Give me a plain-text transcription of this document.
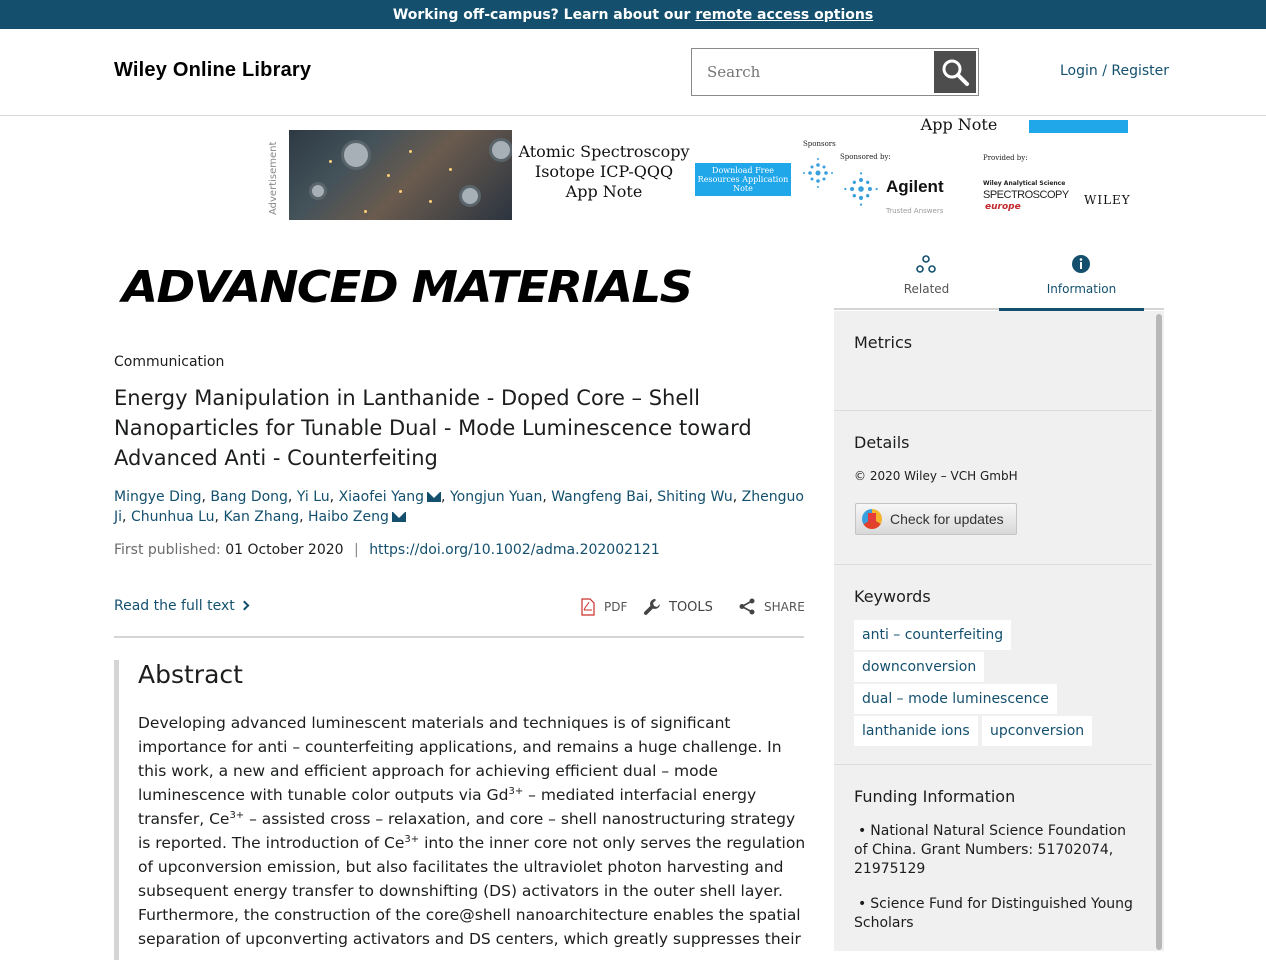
Working off-campus? Learn about our remote access options
Wiley Online Library
Search	Login / Register
Advertisement
App Note
Atomic Spectroscopy
Isotope ICP-QQQ
App Note
Download Free Resources Application Note
Sponsors
Sponsored by:
Agilent
Trusted Answers
Provided by:
Wiley Analytical Science
SPECTROSCOPY
europe	WILEY
ADVANCED MATERIALS
Communication
Energy Manipulation in Lanthanide ‐ Doped Core – Shell Nanoparticles for Tunable Dual ‐ Mode Luminescence toward Advanced Anti ‐ Counterfeiting
Mingye Ding, Bang Dong, Yi Lu, Xiaofei Yang , Yongjun Yuan, Wangfeng Bai, Shiting Wu, Zhenguo Ji, Chunhua Lu, Kan Zhang, Haibo Zeng
First published: 01 October 2020 | https://doi.org/10.1002/adma.202002121
Read the full text	PDF	TOOLS	SHARE
Abstract

Developing advanced luminescent materials and techniques is of significant importance for anti – counterfeiting applications, and remains a huge challenge. In this work, a new and efficient approach for achieving efficient dual – mode luminescence with tunable color outputs via $Gd^{3+}$ – mediated interfacial energy transfer, $Ce^{3+}$ – assisted cross – relaxation, and core – shell nanostructuring strategy is reported. The introduction of $Ce^{3+}$ into the inner core not only serves the regulation of upconversion emission, but also facilitates the ultraviolet photon harvesting and subsequent energy transfer to downshifting (DS) activators in the outer shell layer. Furthermore, the construction of the core@shell nanoarchitecture enables the spatial separation of upconverting activators and DS centers, which greatly suppresses their

Related	Information
Metrics
Details
© 2020 Wiley – VCH GmbH
Check for updates
Keywords
anti – counterfeiting
downconversion
dual – mode luminescence
lanthanide ions	upconversion
Funding Information
• National Natural Science Foundation of China. Grant Numbers: 51702074, 21975129
• Science Fund for Distinguished Young Scholars
